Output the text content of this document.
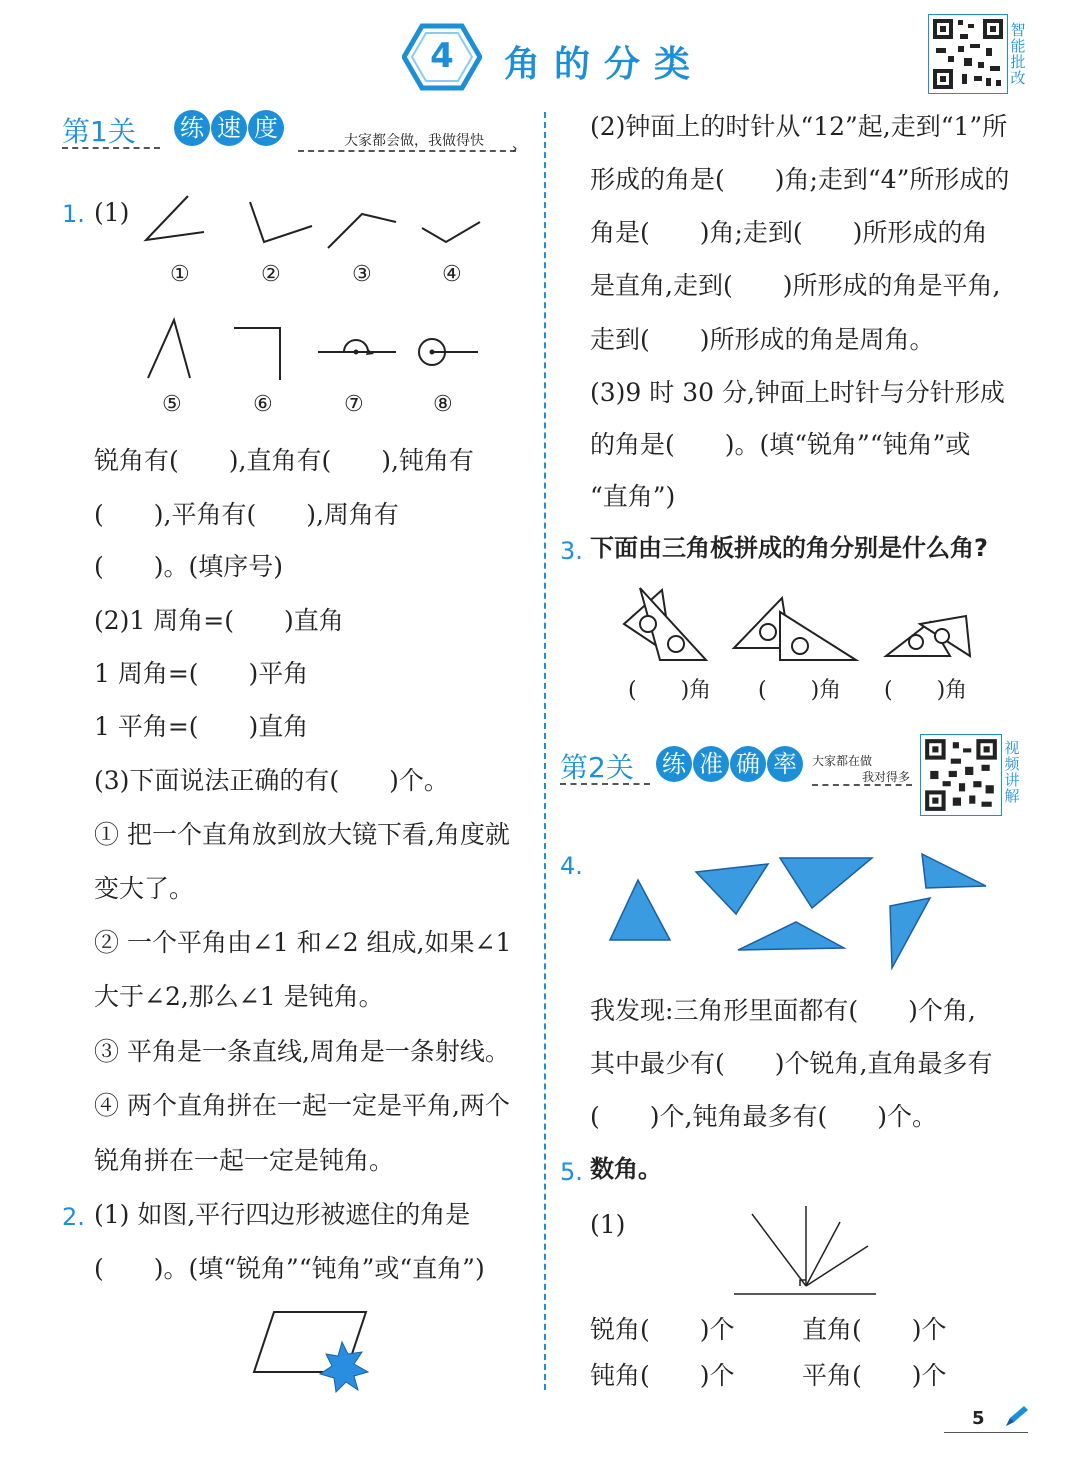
4	角的分类
智能批改
第1关 练 速 度	大家都会做，我做得快 ›
1. (1)
①	②	③	④
⑤	⑥	⑦	⑧
锐角有(　　),直角有(　　),钝角有
(　　),平角有(　　),周角有
(　　)。(填序号)
(2)1 周角=(　　)直角
1 周角=(　　)平角
1 平角=(　　)直角
(3)下面说法正确的有(　　)个。
① 把一个直角放到放大镜下看,角度就
变大了。
② 一个平角由∠1 和∠2 组成,如果∠1
大于∠2,那么∠1 是钝角。
③ 平角是一条直线,周角是一条射线。
④ 两个直角拼在一起一定是平角,两个
锐角拼在一起一定是钝角。
2. (1) 如图,平行四边形被遮住的角是
(　　)。(填“锐角”“钝角”或“直角”)
(2)钟面上的时针从“12”起,走到“1”所
形成的角是(　　)角;走到“4”所形成的
角是(　　)角;走到(　　)所形成的角
是直角,走到(　　)所形成的角是平角,
走到(　　)所形成的角是周角。
(3)9 时 30 分,钟面上时针与分针形成
的角是(　　)。(填“锐角”“钝角”或
“直角”)
3. 下面由三角板拼成的角分别是什么角?
(　　)角 (　　)角 (　　)角
第2关 练 准 确 率	大家都在做
我对得多
视频讲解
4.
我发现:三角形里面都有(　　)个角,
其中最少有(　　)个锐角,直角最多有
(　　)个,钝角最多有(　　)个。
5. 数角。
(1)
锐角(　　)个	直角(　　)个
钝角(　　)个	平角(　　)个
5
